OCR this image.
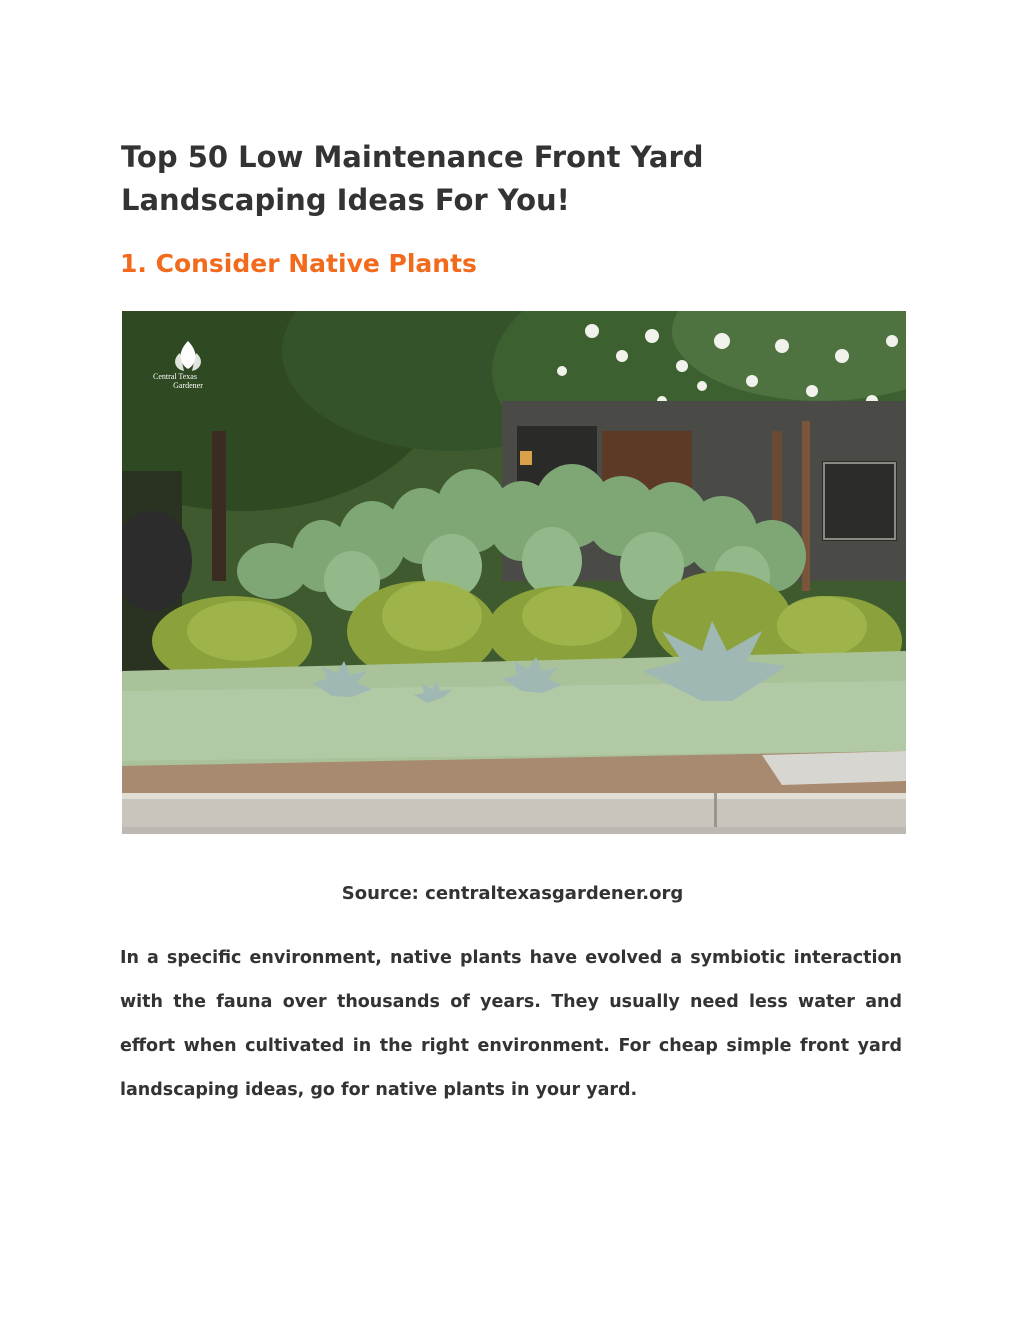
Top 50 Low Maintenance Front Yard Landscaping Ideas For You!
1. Consider Native Plants
Central Texas
Gardener
Source: centraltexasgardener.org

In a specific environment, native plants have evolved a symbiotic interaction with the fauna over thousands of years. They usually need less water and effort when cultivated in the right environment. For cheap simple front yard landscaping ideas, go for native plants in your yard.
